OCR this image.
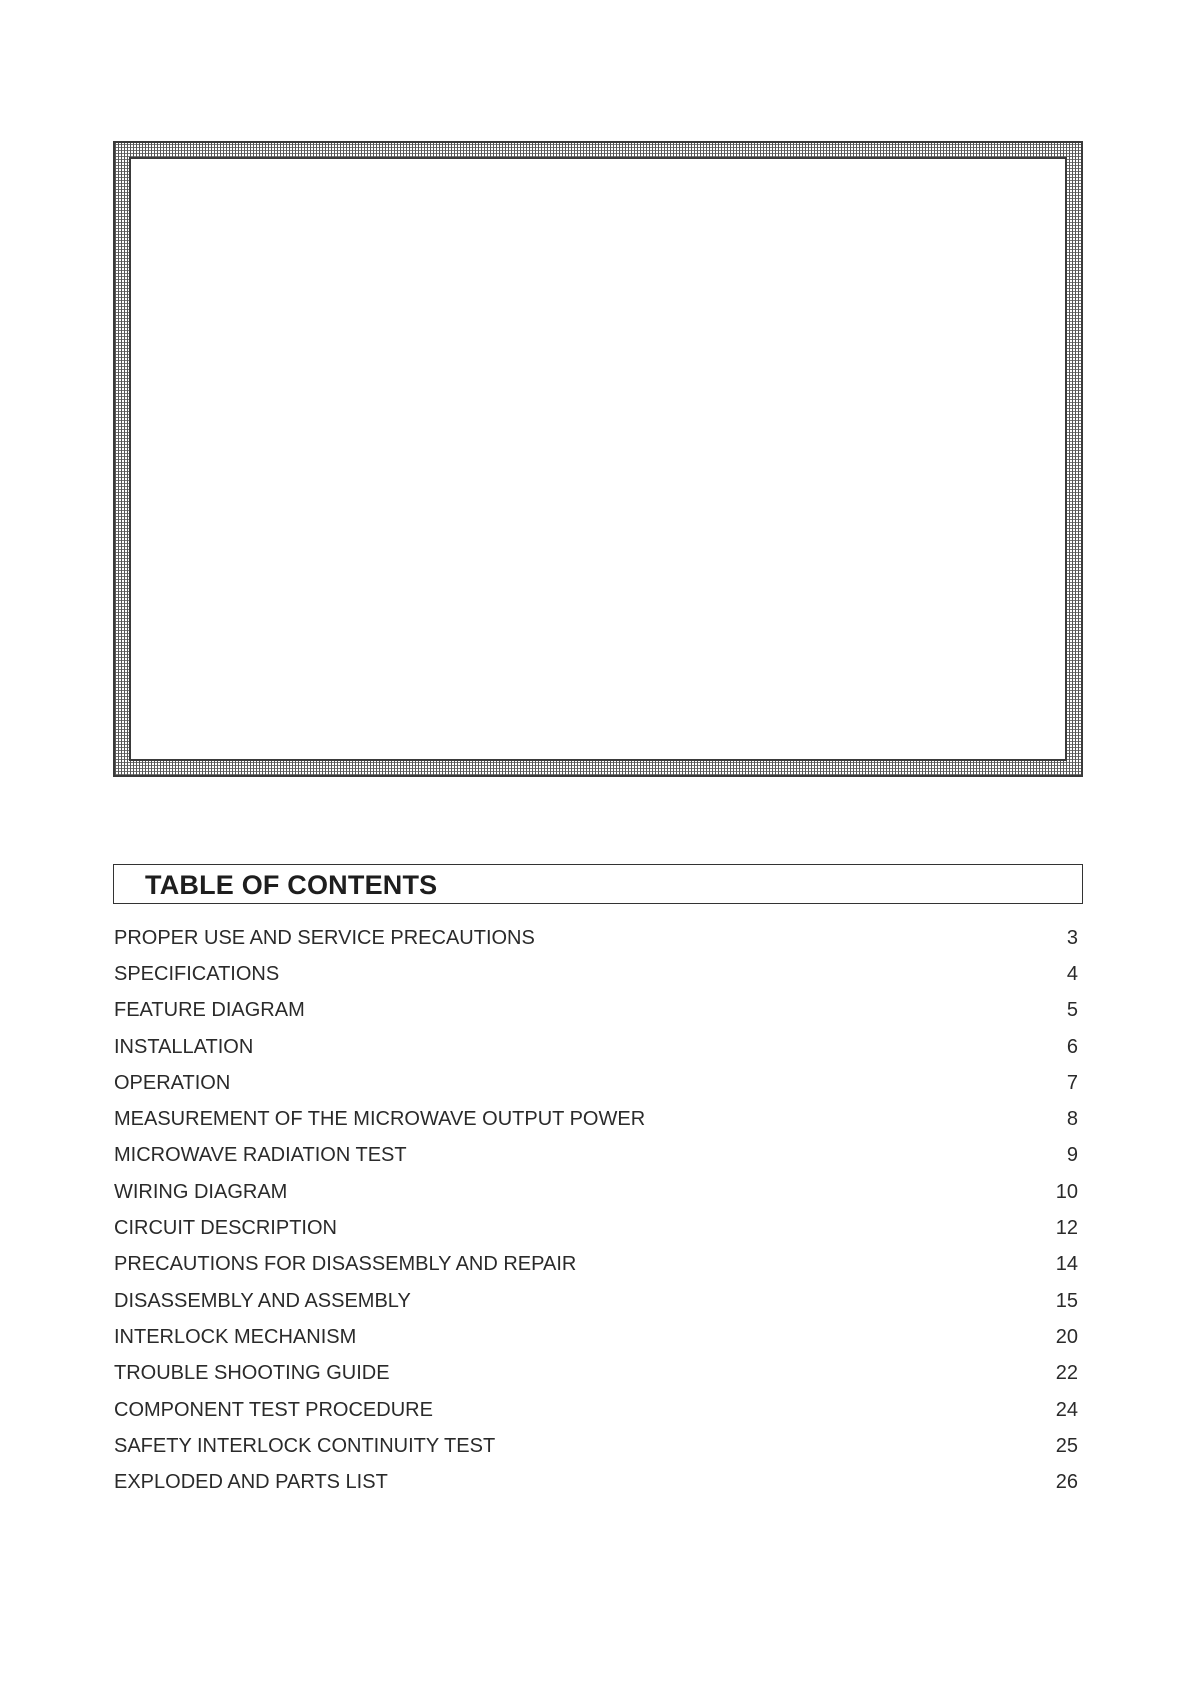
TABLE OF CONTENTS
PROPER USE AND SERVICE PRECAUTIONS	3
SPECIFICATIONS	4
FEATURE DIAGRAM	5
INSTALLATION	6
OPERATION	7
MEASUREMENT OF THE MICROWAVE OUTPUT POWER	8
MICROWAVE RADIATION TEST	9
WIRING DIAGRAM	10
CIRCUIT DESCRIPTION	12
PRECAUTIONS FOR DISASSEMBLY AND REPAIR	14
DISASSEMBLY AND ASSEMBLY	15
INTERLOCK MECHANISM	20
TROUBLE SHOOTING GUIDE	22
COMPONENT TEST PROCEDURE	24
SAFETY INTERLOCK CONTINUITY TEST	25
EXPLODED AND PARTS LIST	26
